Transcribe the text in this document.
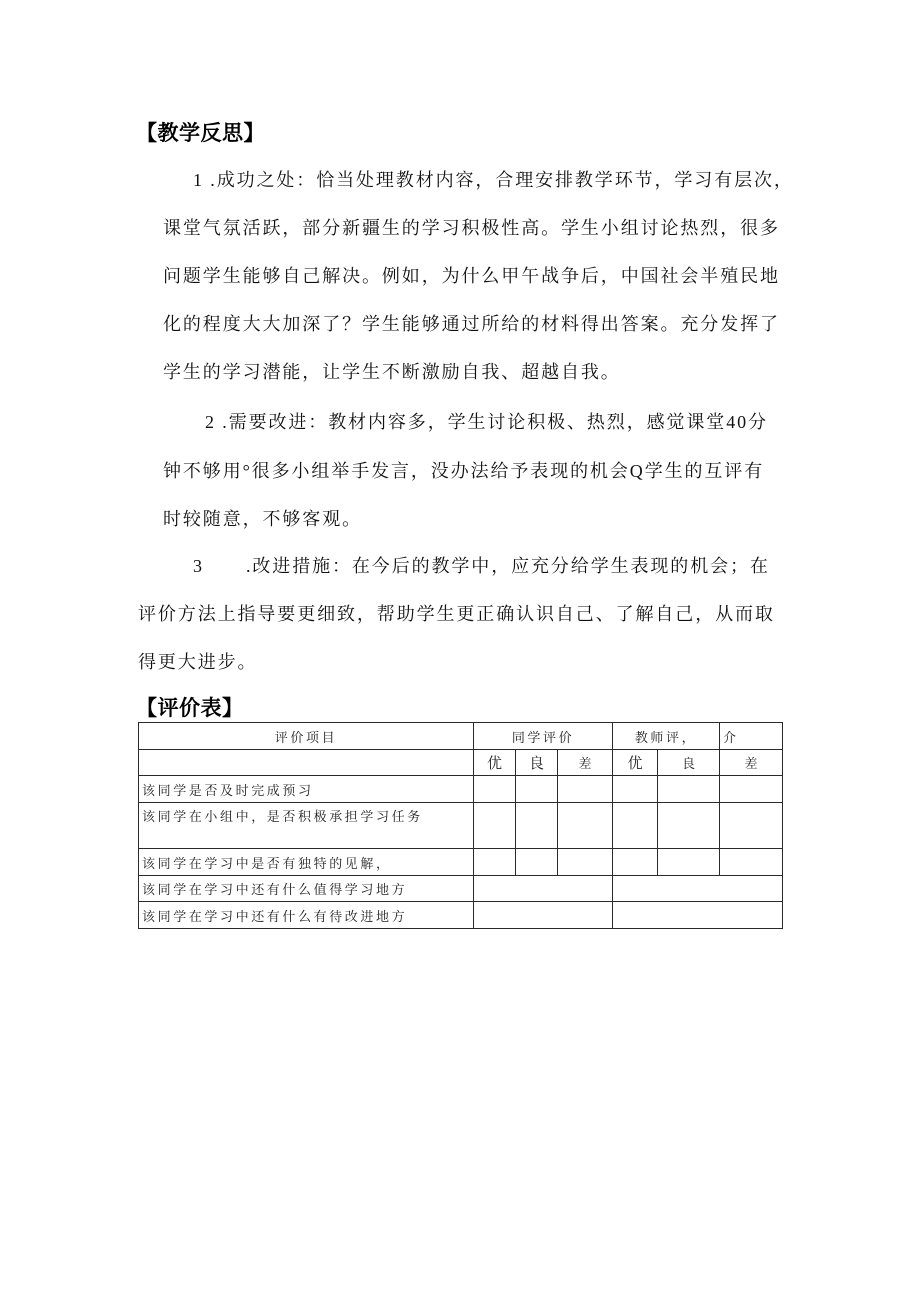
【教学反思】
1 .成功之处：恰当处理教材内容，合理安排教学环节，学习有层次，
课堂气氛活跃，部分新疆生的学习积极性高。学生小组讨论热烈，很多
问题学生能够自己解决。例如，为什么甲午战争后，中国社会半殖民地
化的程度大大加深了？学生能够通过所给的材料得出答案。充分发挥了
学生的学习潜能，让学生不断激励自我、超越自我。
2 .需要改进：教材内容多，学生讨论积极、热烈，感觉课堂40分
钟不够用°很多小组举手发言，没办法给予表现的机会Q学生的互评有
时较随意，不够客观。
3 .改进措施：在今后的教学中，应充分给学生表现的机会；在
评价方法上指导要更细致，帮助学生更正确认识自己、了解自己，从而取
得更大进步。
【评价表】
评价项目	同学评价			教师评，		介
	优	良	差	优	良	差
该同学是否及时完成预习						
该同学在小组中，是否积极承担学习任务						
该同学在学习中是否有独特的见解，						
该同学在学习中还有什么值得学习地方						
该同学在学习中还有什么有待改进地方						
